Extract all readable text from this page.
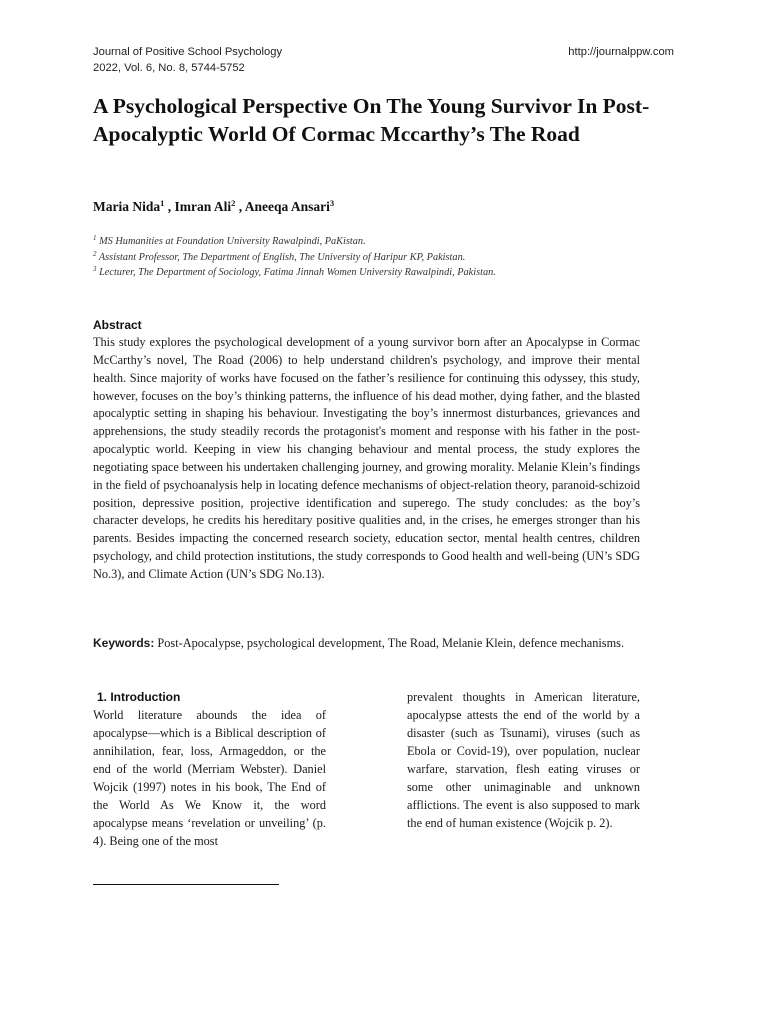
Journal of Positive School Psychology
2022, Vol. 6, No. 8, 5744-5752
http://journalppw.com
A Psychological Perspective On The Young Survivor In Post-Apocalyptic World Of Cormac Mccarthy’s The Road
Maria Nida$^1$ , Imran Ali$^2$ , Aneeqa Ansari$^3$
$^1$ MS Humanities at Foundation University Rawalpindi, PaKistan.
$^2$ Assistant Professor, The Department of English, The University of Haripur KP, Pakistan.
$^3$ Lecturer, The Department of Sociology, Fatima Jinnah Women University Rawalpindi, Pakistan.
Abstract

This study explores the psychological development of a young survivor born after an Apocalypse in Cormac McCarthy’s novel, The Road (2006) to help understand children's psychology, and improve their mental health. Since majority of works have focused on the father’s resilience for continuing this odyssey, this study, however, focuses on the boy’s thinking patterns, the influence of his dead mother, dying father, and the blasted apocalyptic setting in shaping his behaviour. Investigating the boy’s innermost disturbances, grievances and apprehensions, the study steadily records the protagonist's moment and response with his father in the post-apocalyptic world. Keeping in view his changing behaviour and mental process, the study explores the negotiating space between his undertaken challenging journey, and growing morality. Melanie Klein’s findings in the field of psychoanalysis help in locating defence mechanisms of object-relation theory, paranoid-schizoid position, depressive position, projective identification and superego. The study concludes: as the boy’s character develops, he credits his hereditary positive qualities and, in the crises, he emerges stronger than his parents. Besides impacting the concerned research society, education sector, mental health centres, children psychology, and child protection institutions, the study corresponds to Good health and well-being (UN’s SDG No.3), and Climate Action (UN’s SDG No.13).

Keywords: Post-Apocalypse, psychological development, The Road, Melanie Klein, defence mechanisms.

1. Introduction

World literature abounds the idea of apocalypse—which is a Biblical description of annihilation, fear, loss, Armageddon, or the end of the world (Merriam Webster). Daniel Wojcik (1997) notes in his book, The End of the World As We Know it, the word apocalypse means ‘revelation or unveiling’ (p. 4). Being one of the most

prevalent thoughts in American literature, apocalypse attests the end of the world by a disaster (such as Tsunami), viruses (such as Ebola or Covid-19), over population, nuclear warfare, starvation, flesh eating viruses or some other unimaginable and unknown afflictions. The event is also supposed to mark the end of human existence (Wojcik p. 2).
